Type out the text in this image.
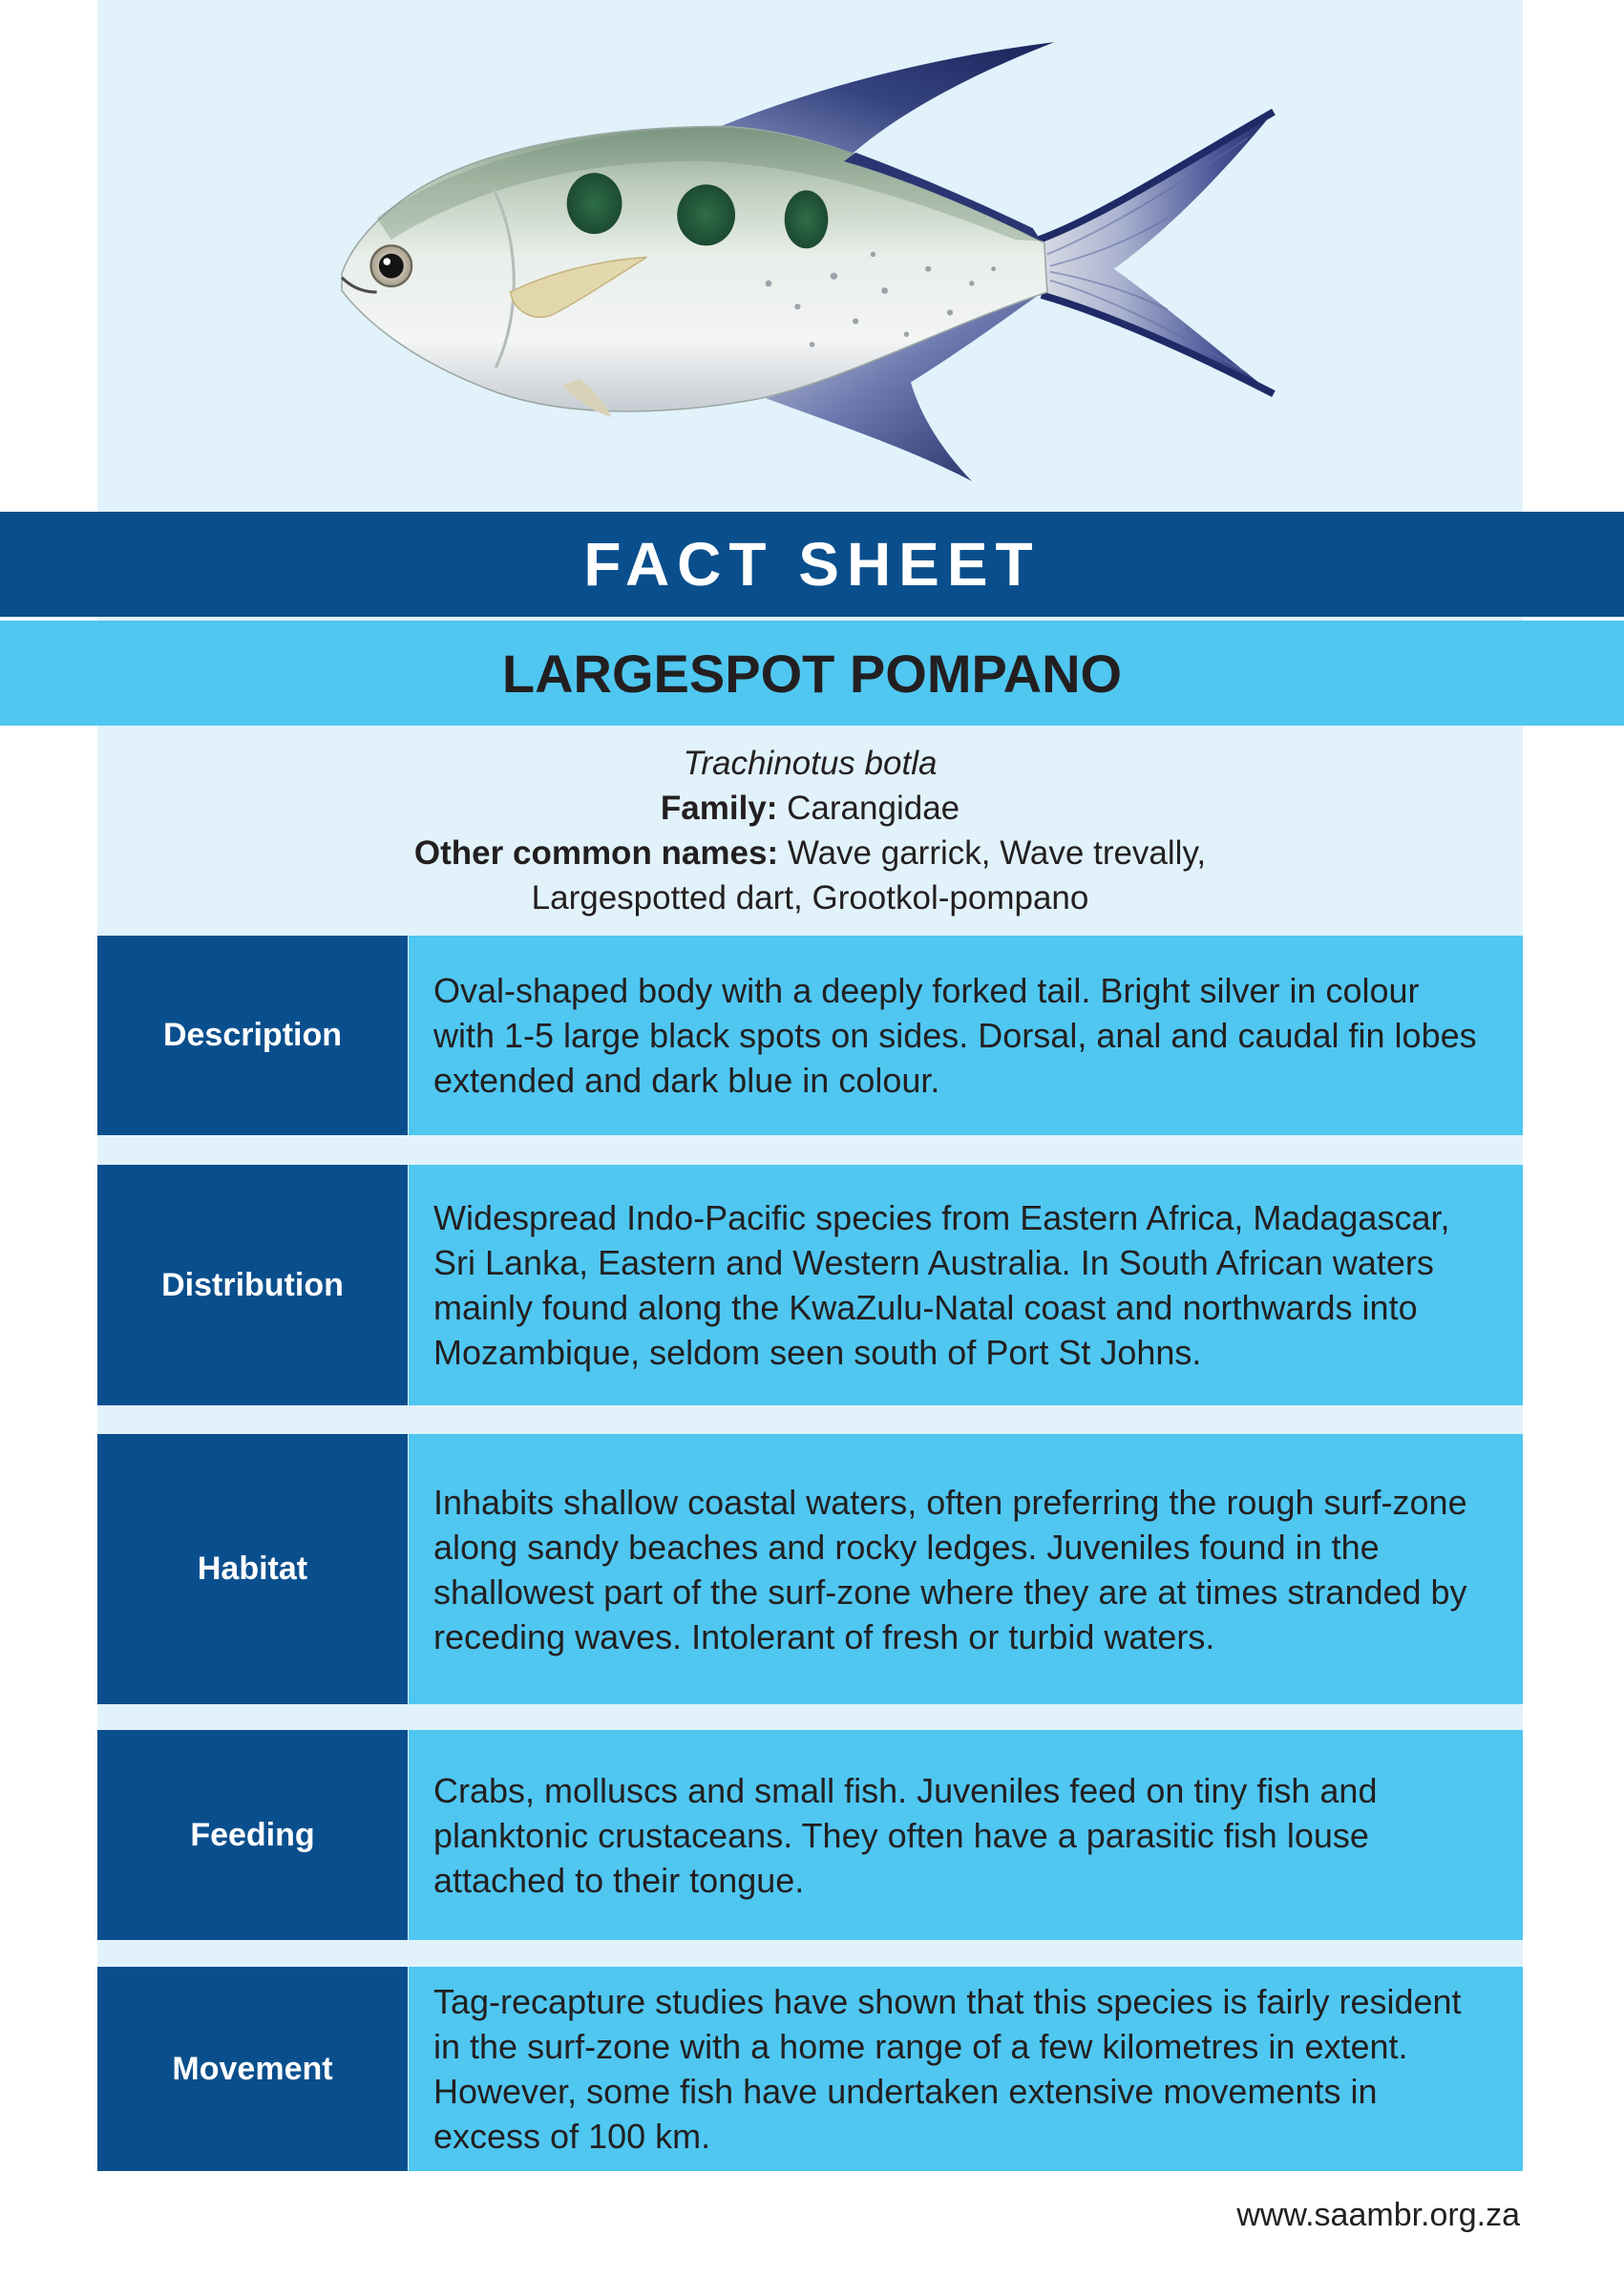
FACT SHEET
LARGESPOT POMPANO
Trachinotus botla
Family: Carangidae
Other common names: Wave garrick, Wave trevally,
Largespotted dart, Grootkol-pompano
Description
Oval-shaped body with a deeply forked tail. Bright silver in colour
with 1-5 large black spots on sides. Dorsal, anal and caudal fin lobes
extended and dark blue in colour.
Distribution
Widespread Indo-Pacific species from Eastern Africa, Madagascar,
Sri Lanka, Eastern and Western Australia. In South African waters
mainly found along the KwaZulu-Natal coast and northwards into
Mozambique, seldom seen south of Port St Johns.
Habitat
Inhabits shallow coastal waters, often preferring the rough surf-zone
along sandy beaches and rocky ledges. Juveniles found in the
shallowest part of the surf-zone where they are at times stranded by
receding waves. Intolerant of fresh or turbid waters.
Feeding
Crabs, molluscs and small fish. Juveniles feed on tiny fish and
planktonic crustaceans. They often have a parasitic fish louse
attached to their tongue.
Movement
Tag-recapture studies have shown that this species is fairly resident
in the surf-zone with a home range of a few kilometres in extent.
However, some fish have undertaken extensive movements in
excess of 100 km.
www.saambr.org.za
